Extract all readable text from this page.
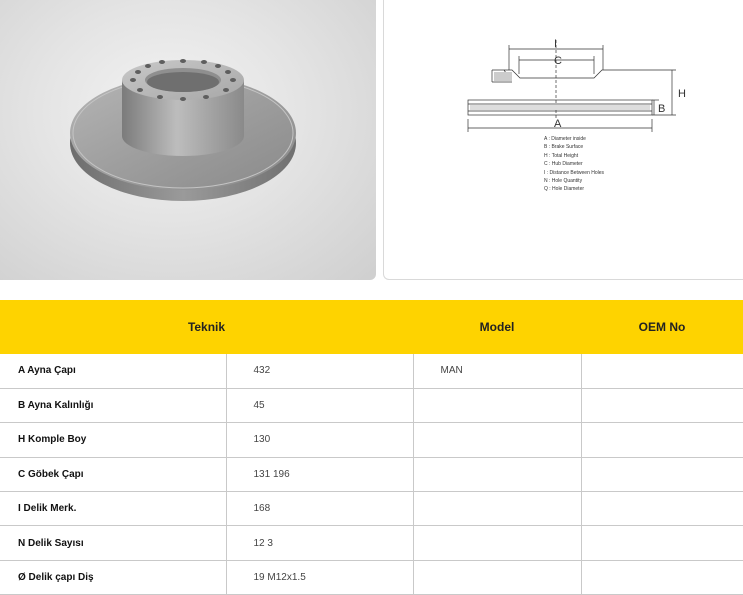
I
C
H
B
A
A : Diameter inside
B : Brake Surface
H : Total Height
C : Hub Diameter
I : Distance Between Holes
N : Hole Quantity
Q : Hole Diameter
Teknik		Model	OEM No
A Ayna Çapı	432	MAN	
B Ayna Kalınlığı	45		
H Komple Boy	130		
C Göbek Çapı	131 196		
I Delik Merk.	168		
N Delik Sayısı	12 3		
Ø Delik çapı Diş	19 M12x1.5		
